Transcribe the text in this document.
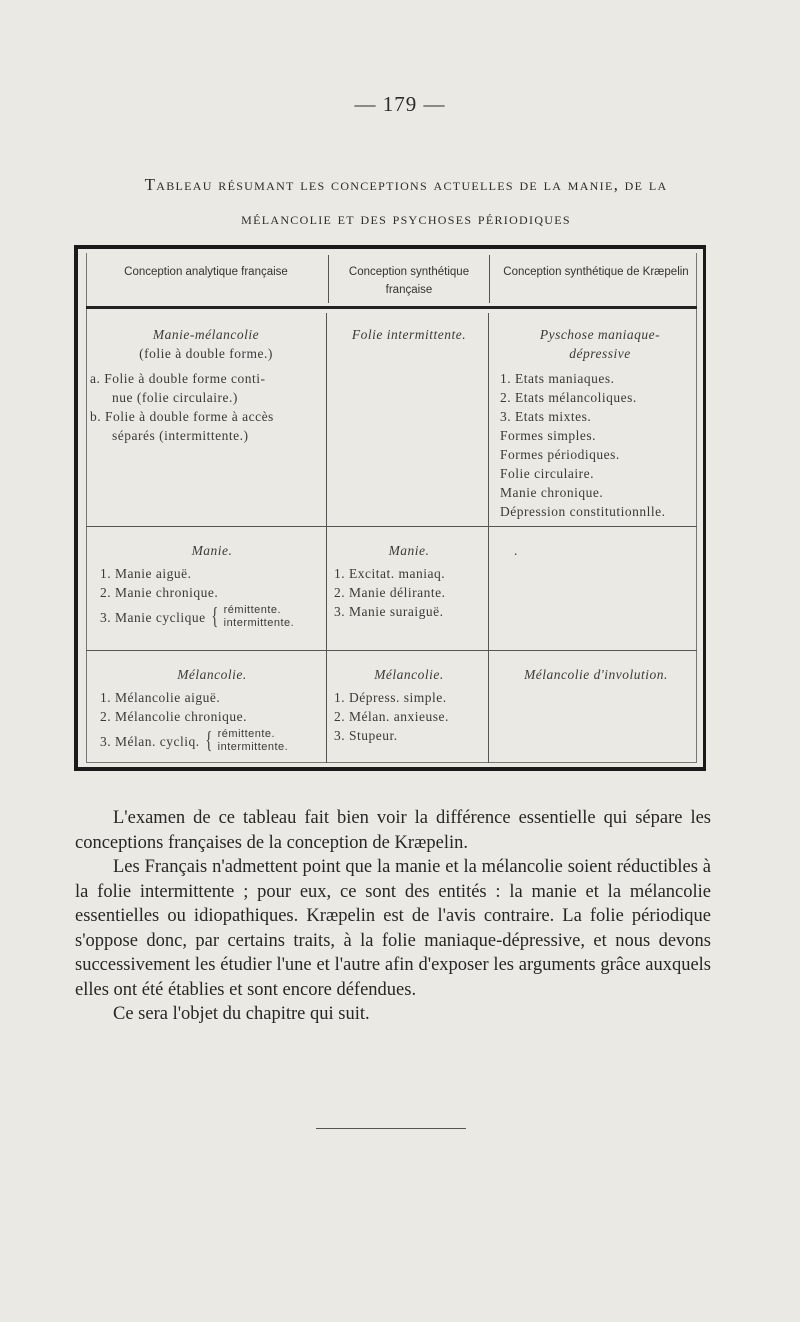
— 179 —
Tableau résumant les conceptions actuelles de la manie, de la
mélancolie et des psychoses périodiques
Conception analytique française	Conception synthétique française
Conception synthétique de Kræpelin
Manie-mélancolie
(folie à double forme.)
a. Folie à double forme conti-
nue (folie circulaire.)
b. Folie à double forme à accès
séparés (intermittente.)
Folie intermittente.	Pyschose maniaque-
dépressive
1. Etats maniaques.
2. Etats mélancoliques.
3. Etats mixtes.
Formes simples.
Formes périodiques.
Folie circulaire.
Manie chronique.
Dépression constitutionnlle.
Manie.
1. Manie aiguë.
2. Manie chronique.
3. Manie cyclique { rémittente.
intermittente.
Manie.
1. Excitat. maniaq.
2. Manie délirante.
3. Manie suraiguë.
.
Mélancolie.
1. Mélancolie aiguë.
2. Mélancolie chronique.
3. Mélan. cycliq. { rémittente.
intermittente.
Mélancolie.
1. Dépress. simple.
2. Mélan. anxieuse.
3. Stupeur.
Mélancolie d'involution.

L'examen de ce tableau fait bien voir la différence essentielle qui sépare les conceptions françaises de la conception de Kræpelin.

Les Français n'admettent point que la manie et la mélancolie soient réductibles à la folie intermittente ; pour eux, ce sont des entités : la manie et la mélancolie essentielles ou idiopathiques. Kræpelin est de l'avis contraire. La folie périodique s'oppose donc, par certains traits, à la folie maniaque-dépressive, et nous devons successivement les étudier l'une et l'autre afin d'exposer les arguments grâce auxquels elles ont été établies et sont encore défendues.

Ce sera l'objet du chapitre qui suit.
